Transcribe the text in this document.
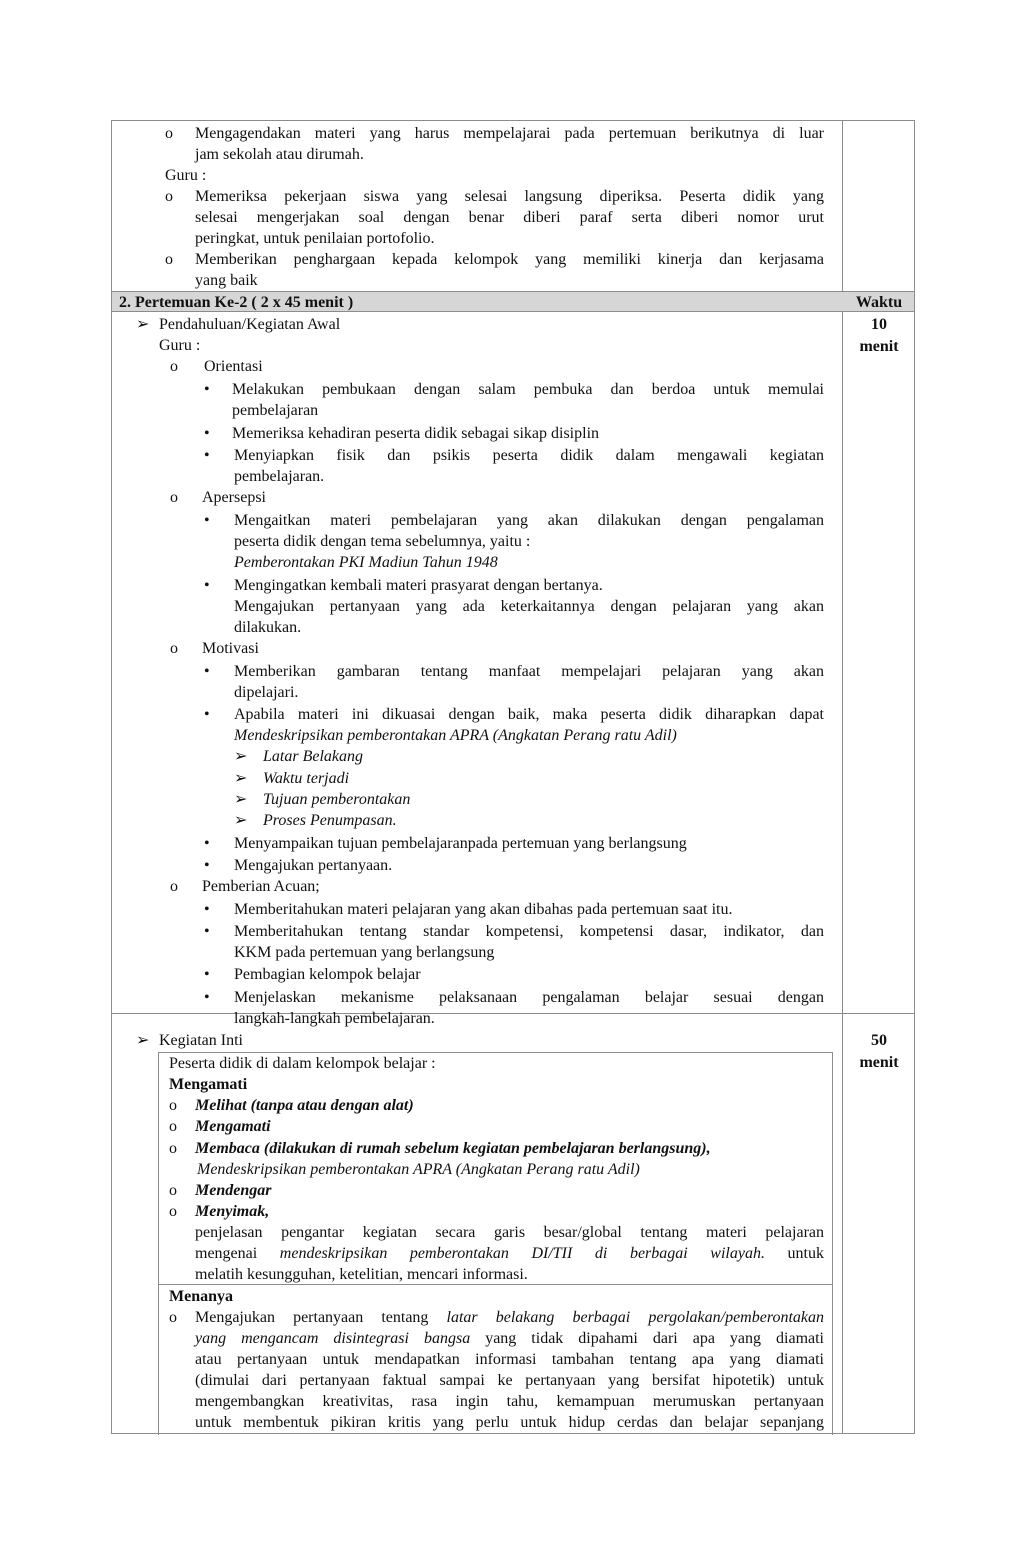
o Mengagendakan materi yang harus mempelajarai pada pertemuan berikutnya di luar
jam sekolah atau dirumah.
Guru :
o Memeriksa pekerjaan siswa yang selesai langsung diperiksa. Peserta didik yang
selesai mengerjakan soal dengan benar diberi paraf serta diberi nomor urut
peringkat, untuk penilaian portofolio.
o Memberikan penghargaan kepada kelompok yang memiliki kinerja dan kerjasama
yang baik
2. Pertemuan Ke-2 ( 2 x 45 menit )	Waktu
➢ Pendahuluan/Kegiatan Awal	10
menit
Guru :
o Orientasi
• Melakukan pembukaan dengan salam pembuka dan berdoa untuk memulai
pembelajaran
• Memeriksa kehadiran peserta didik sebagai sikap disiplin
• Menyiapkan fisik dan psikis peserta didik dalam mengawali kegiatan
pembelajaran.
o Apersepsi
• Mengaitkan materi pembelajaran yang akan dilakukan dengan pengalaman
peserta didik dengan tema sebelumnya, yaitu :
Pemberontakan PKI Madiun Tahun 1948
• Mengingatkan kembali materi prasyarat dengan bertanya.
Mengajukan pertanyaan yang ada keterkaitannya dengan pelajaran yang akan
dilakukan.
o Motivasi
• Memberikan gambaran tentang manfaat mempelajari pelajaran yang akan
dipelajari.
• Apabila materi ini dikuasai dengan baik, maka peserta didik diharapkan dapat
Mendeskripsikan pemberontakan APRA (Angkatan Perang ratu Adil)
➢ Latar Belakang
➢ Waktu terjadi
➢ Tujuan pemberontakan
➢ Proses Penumpasan.
• Menyampaikan tujuan pembelajaranpada pertemuan yang berlangsung
• Mengajukan pertanyaan.
o Pemberian Acuan;
• Memberitahukan materi pelajaran yang akan dibahas pada pertemuan saat itu.
• Memberitahukan tentang standar kompetensi, kompetensi dasar, indikator, dan
KKM pada pertemuan yang berlangsung
• Pembagian kelompok belajar
• Menjelaskan mekanisme pelaksanaan pengalaman belajar sesuai dengan
langkah-langkah pembelajaran.
➢ Kegiatan Inti	50
menit
Peserta didik di dalam kelompok belajar :
Mengamati
o Melihat (tanpa atau dengan alat)
o Mengamati
o Membaca (dilakukan di rumah sebelum kegiatan pembelajaran berlangsung),
Mendeskripsikan pemberontakan APRA (Angkatan Perang ratu Adil)
o Mendengar
o Menyimak,
penjelasan pengantar kegiatan secara garis besar/global tentang materi pelajaran
mengenai mendeskripsikan pemberontakan DI/TII di berbagai wilayah. untuk
melatih kesungguhan, ketelitian, mencari informasi.
Menanya
o Mengajukan pertanyaan tentang latar belakang berbagai pergolakan/pemberontakan
yang mengancam disintegrasi bangsa yang tidak dipahami dari apa yang diamati
atau pertanyaan untuk mendapatkan informasi tambahan tentang apa yang diamati
(dimulai dari pertanyaan faktual sampai ke pertanyaan yang bersifat hipotetik) untuk
mengembangkan kreativitas, rasa ingin tahu, kemampuan merumuskan pertanyaan
untuk membentuk pikiran kritis yang perlu untuk hidup cerdas dan belajar sepanjang
